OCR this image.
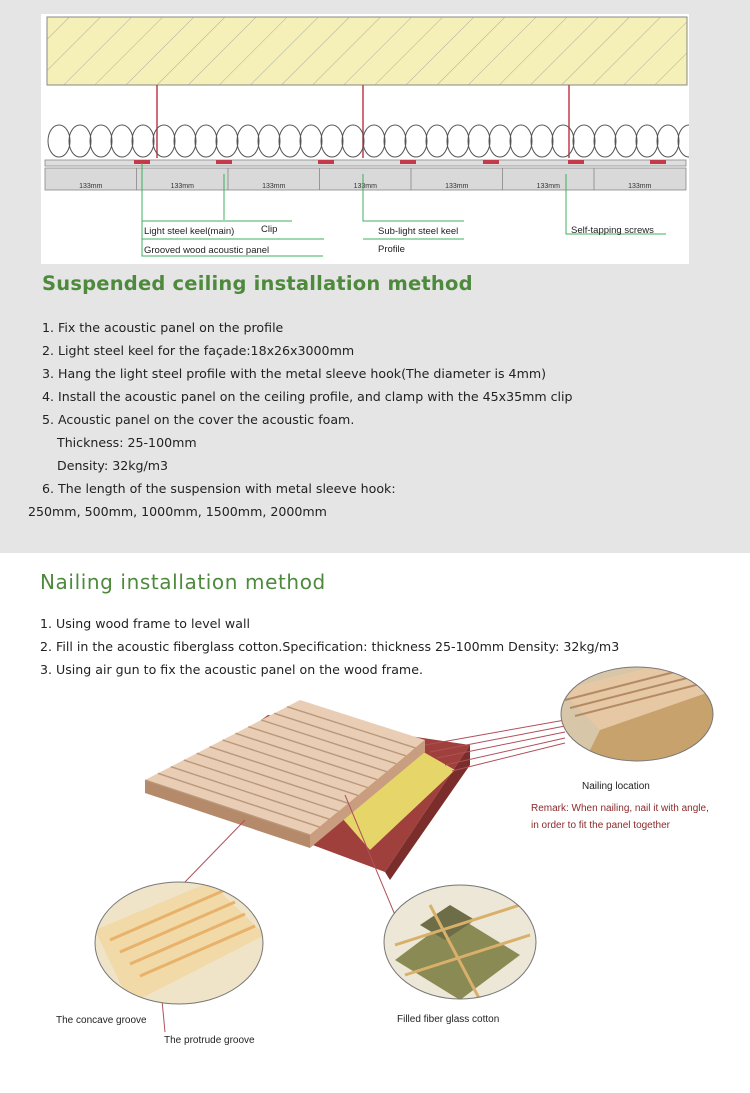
133mm	133mm	133mm	133mm	133mm	133mm	133mm
Light steel keel(main)	Clip
Grooved wood acoustic panel
Sub-light steel keel
Profile
Self-tapping screws
Suspended ceiling installation method
1. Fix the acoustic panel on the profile
2. Light steel keel for the façade:18x26x3000mm
3. Hang the light steel profile with the metal sleeve hook(The diameter is 4mm)
4. Install the acoustic panel on the ceiling profile, and clamp with the 45x35mm clip
5. Acoustic panel on the cover the acoustic foam.
Thickness: 25-100mm
Density: 32kg/m3
6. The length of the suspension with metal sleeve hook:
250mm, 500mm, 1000mm, 1500mm, 2000mm
Nailing installation method
1. Using wood frame to level wall
2. Fill in the acoustic fiberglass cotton.Specification: thickness 25-100mm Density: 32kg/m3
3. Using air gun to fix the acoustic panel on the wood frame.
Nailing location
Remark: When nailing, nail it with angle,
in order to fit the panel together
The concave groove
The protrude groove
Filled fiber glass cotton
